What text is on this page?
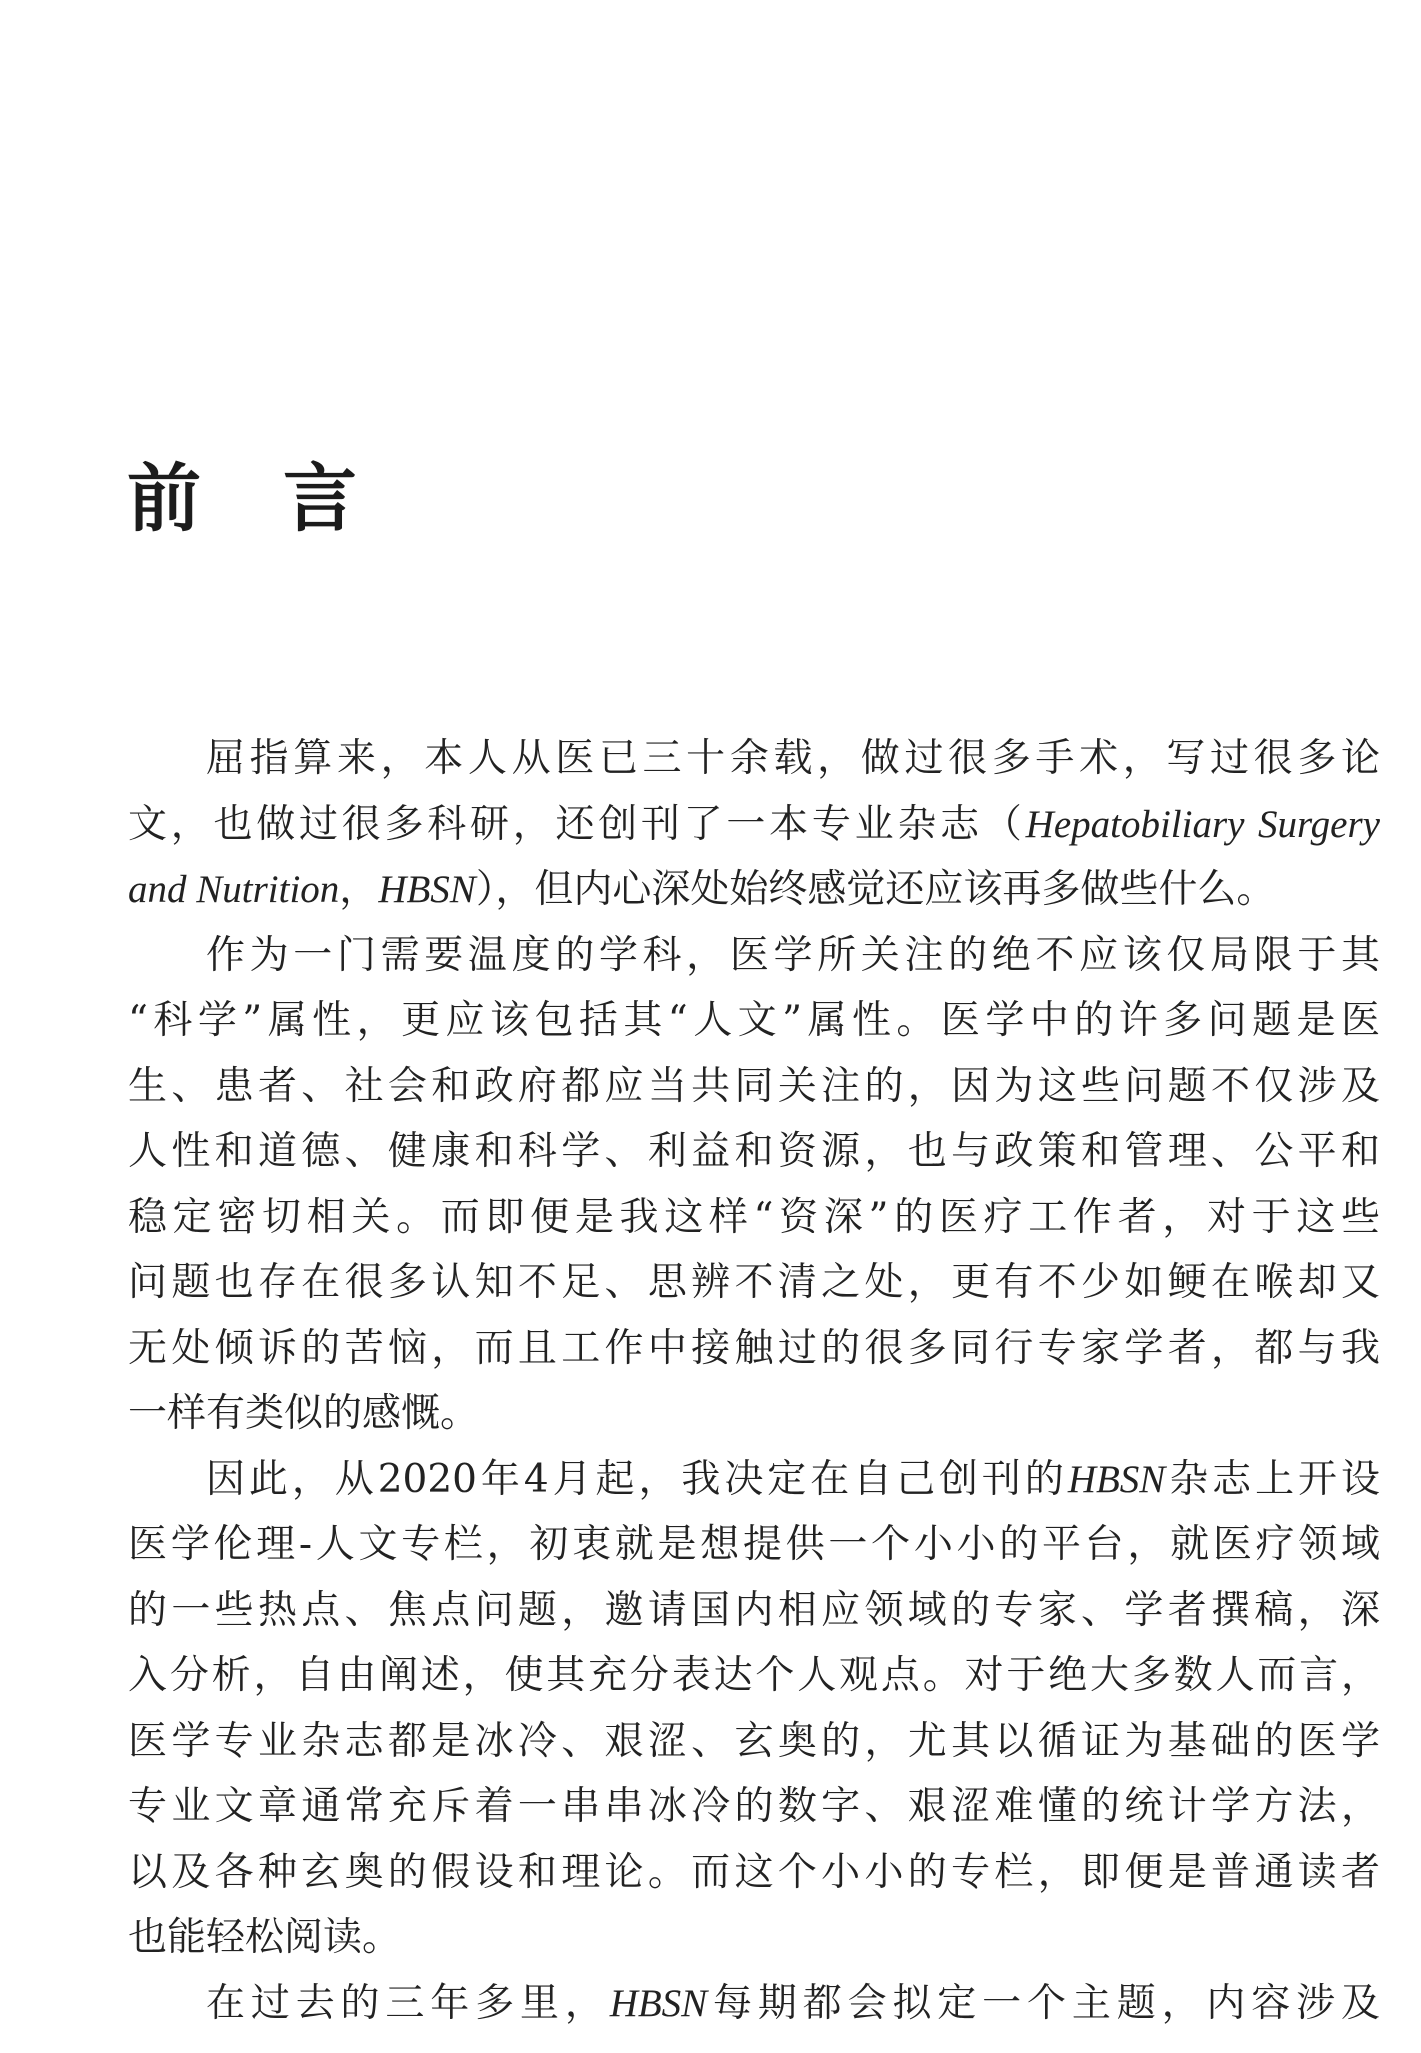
前 言

屈指算来，本人从医已三十余载，做过很多手术，写过很多论
文，也做过很多科研，还创刊了一本专业杂志（Hepatobiliary Surgery
and Nutrition，HBSN），但内心深处始终感觉还应该再多做些什么。

作为一门需要温度的学科，医学所关注的绝不应该仅局限于其
“科学”属性，更应该包括其“人文”属性。医学中的许多问题是医
生、患者、社会和政府都应当共同关注的，因为这些问题不仅涉及
人性和道德、健康和科学、利益和资源，也与政策和管理、公平和
稳定密切相关。而即便是我这样“资深”的医疗工作者，对于这些
问题也存在很多认知不足、思辨不清之处，更有不少如鲠在喉却又
无处倾诉的苦恼，而且工作中接触过的很多同行专家学者，都与我
一样有类似的感慨。

因此，从2020年4月起，我决定在自己创刊的HBSN杂志上开设
医学伦理-人文专栏，初衷就是想提供一个小小的平台，就医疗领域
的一些热点、焦点问题，邀请国内相应领域的专家、学者撰稿，深
入分析，自由阐述，使其充分表达个人观点。对于绝大多数人而言，
医学专业杂志都是冰冷、艰涩、玄奥的，尤其以循证为基础的医学
专业文章通常充斥着一串串冰冷的数字、艰涩难懂的统计学方法，
以及各种玄奥的假设和理论。而这个小小的专栏，即便是普通读者
也能轻松阅读。

在过去的三年多里，HBSN每期都会拟定一个主题，内容涉及
